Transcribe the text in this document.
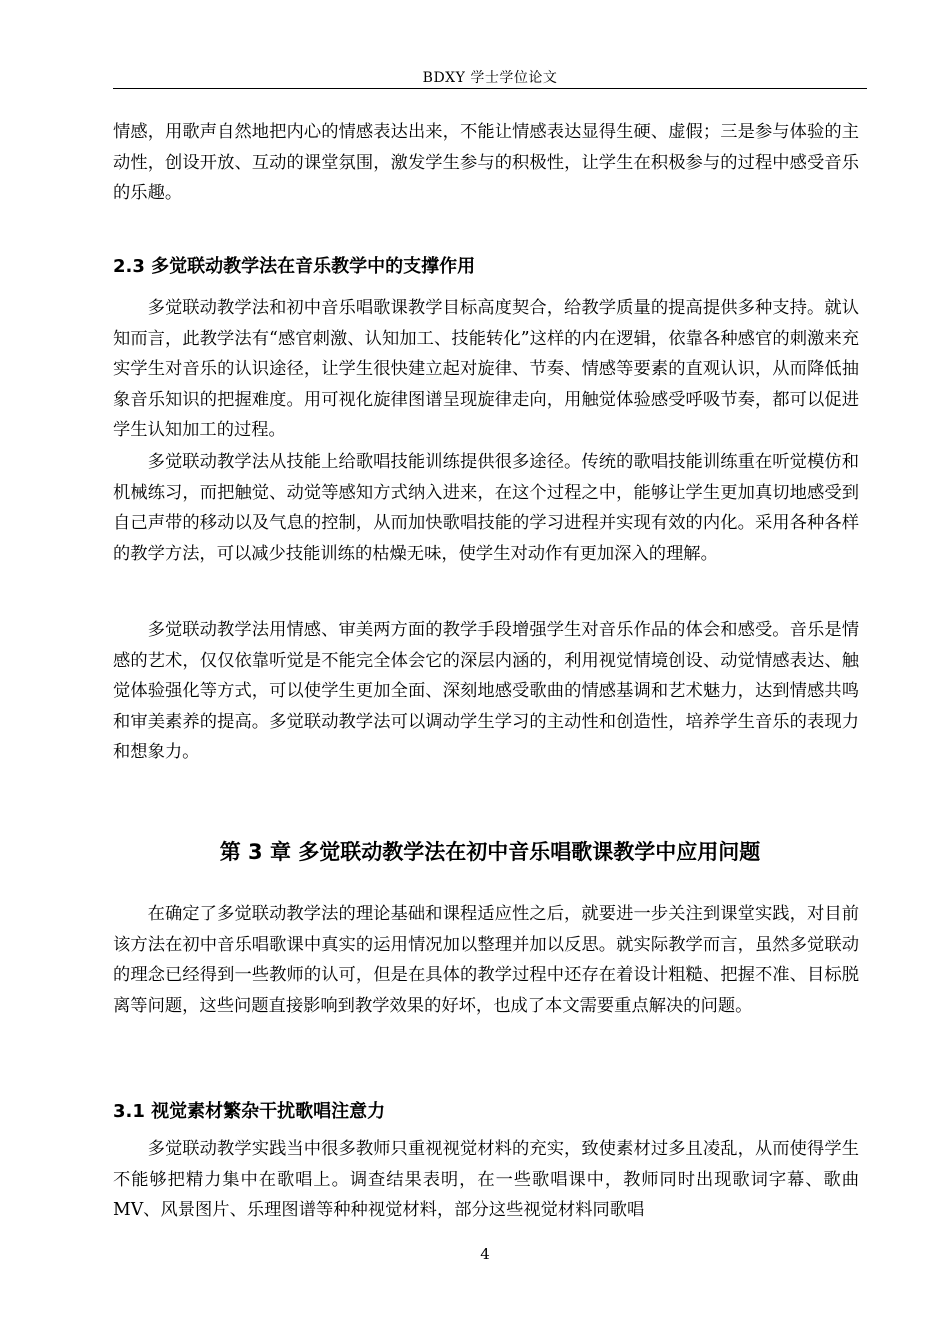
BDXY 学士学位论文

情感，用歌声自然地把内心的情感表达出来，不能让情感表达显得生硬、虚假；三是参与体验的主动性，创设开放、互动的课堂氛围，激发学生参与的积极性，让学生在积极参与的过程中感受音乐的乐趣。

2.3 多觉联动教学法在音乐教学中的支撑作用

多觉联动教学法和初中音乐唱歌课教学目标高度契合，给教学质量的提高提供多种支持。就认知而言，此教学法有“感官刺激、认知加工、技能转化”这样的内在逻辑，依靠各种感官的刺激来充实学生对音乐的认识途径，让学生很快建立起对旋律、节奏、情感等要素的直观认识，从而降低抽象音乐知识的把握难度。用可视化旋律图谱呈现旋律走向，用触觉体验感受呼吸节奏，都可以促进学生认知加工的过程。

多觉联动教学法从技能上给歌唱技能训练提供很多途径。传统的歌唱技能训练重在听觉模仿和机械练习，而把触觉、动觉等感知方式纳入进来，在这个过程之中，能够让学生更加真切地感受到自己声带的移动以及气息的控制，从而加快歌唱技能的学习进程并实现有效的内化。采用各种各样的教学方法，可以减少技能训练的枯燥无味，使学生对动作有更加深入的理解。

多觉联动教学法用情感、审美两方面的教学手段增强学生对音乐作品的体会和感受。音乐是情感的艺术，仅仅依靠听觉是不能完全体会它的深层内涵的，利用视觉情境创设、动觉情感表达、触觉体验强化等方式，可以使学生更加全面、深刻地感受歌曲的情感基调和艺术魅力，达到情感共鸣和审美素养的提高。多觉联动教学法可以调动学生学习的主动性和创造性，培养学生音乐的表现力和想象力。

第 3 章 多觉联动教学法在初中音乐唱歌课教学中应用问题

在确定了多觉联动教学法的理论基础和课程适应性之后，就要进一步关注到课堂实践，对目前该方法在初中音乐唱歌课中真实的运用情况加以整理并加以反思。就实际教学而言，虽然多觉联动的理念已经得到一些教师的认可，但是在具体的教学过程中还存在着设计粗糙、把握不准、目标脱离等问题，这些问题直接影响到教学效果的好坏，也成了本文需要重点解决的问题。

3.1 视觉素材繁杂干扰歌唱注意力

多觉联动教学实践当中很多教师只重视视觉材料的充实，致使素材过多且凌乱，从而使得学生不能够把精力集中在歌唱上。调查结果表明，在一些歌唱课中，教师同时出现歌词字幕、歌曲 MV、风景图片、乐理图谱等种种视觉材料，部分这些视觉材料同歌唱

4
